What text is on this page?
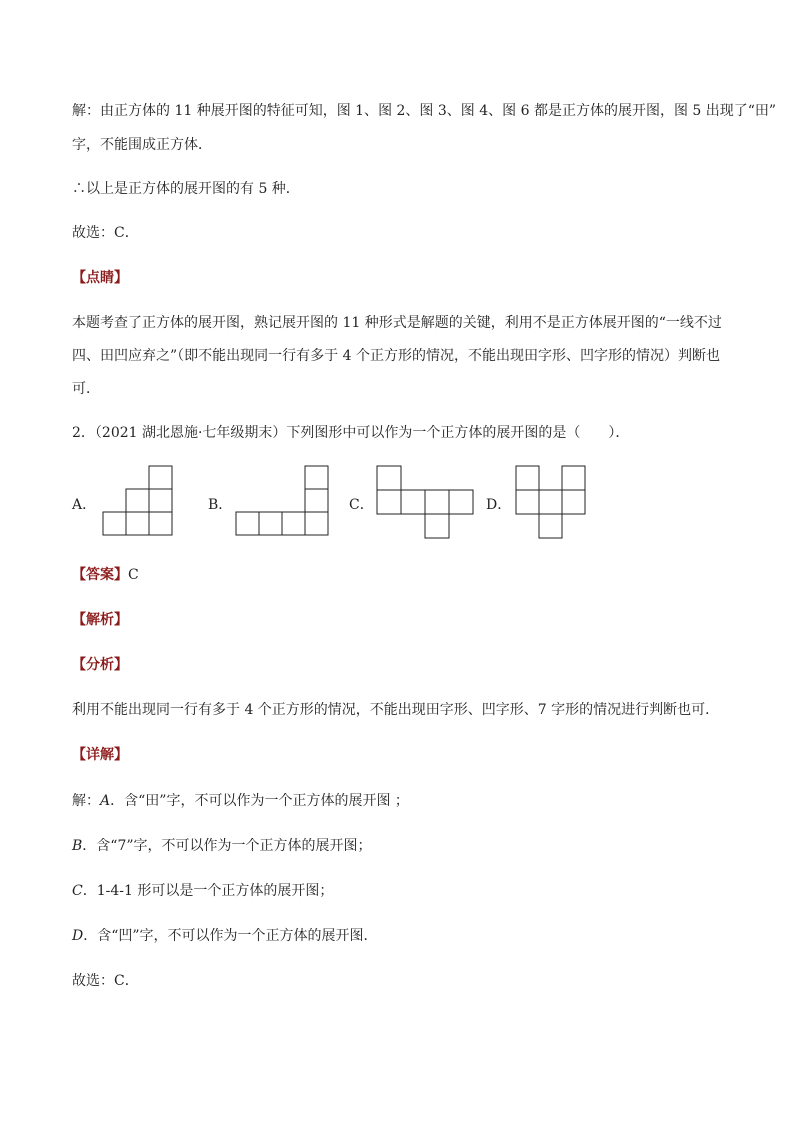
解：由正方体的 11 种展开图的特征可知，图 1、图 2、图 3、图 4、图 6 都是正方体的展开图，图 5 出现了“田”
字，不能围成正方体．
∴以上是正方体的展开图的有 5 种．
故选：C．
【点睛】
本题考查了正方体的展开图，熟记展开图的 11 种形式是解题的关键，利用不是正方体展开图的“一线不过
四、田凹应弃之”（即不能出现同一行有多于 4 个正方形的情况，不能出现田字形、凹字形的情况）判断也
可．
2．（2021 湖北恩施·七年级期末）下列图形中可以作为一个正方体的展开图的是（　　）．
A．	B．	C．	D．
【答案】C
【解析】
【分析】
利用不能出现同一行有多于 4 个正方形的情况，不能出现田字形、凹字形、7 字形的情况进行判断也可．
【详解】
解：A．含“田”字，不可以作为一个正方体的展开图 ；
B．含“7”字，不可以作为一个正方体的展开图；
C．1-4-1 形可以是一个正方体的展开图；
D．含“凹”字，不可以作为一个正方体的展开图．
故选：C．
